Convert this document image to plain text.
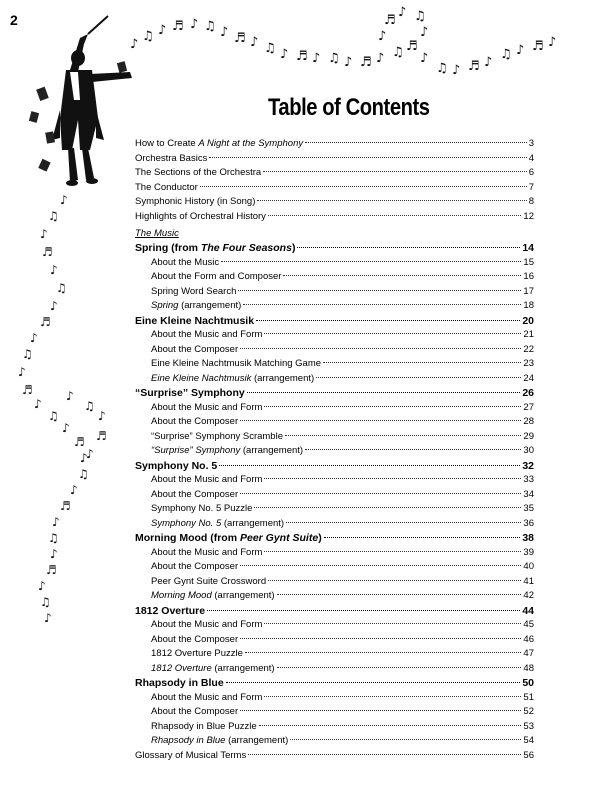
♪
♫ ♪ ♬ ♪ ♫ ♪ ♬ ♪ ♫ ♪ ♬ ♪ ♫ ♪ ♬ ♪ ♫
♪
♬
♪ ♫
♪
♬
♪
♫ ♪ ♬ ♪
♫ ♪ ♬ ♪
♪
♫
♪
♬
♪
♫
♪
♬
♪
♫
♪
♬
♪
♫
♪
♬
♪
♫
♪
♬
♪
♫
♪
♬
♪
♫
♪
♪
♫
♪
♬
♪
2
Table of Contents
How to Create A Night at the Symphony	3
Orchestra Basics	4
The Sections of the Orchestra	6
The Conductor	7
Symphonic History (in Song)	8
Highlights of Orchestral History	12
The Music
Spring (from The Four Seasons)	14
About the Music	15
About the Form and Composer	16
Spring Word Search	17
Spring (arrangement)	18
Eine Kleine Nachtmusik	20
About the Music and Form	21
About the Composer	22
Eine Kleine Nachtmusik Matching Game	23
Eine Kleine Nachtmusik (arrangement)	24
“Surprise” Symphony	26
About the Music and Form	27
About the Composer	28
“Surprise” Symphony Scramble	29
“Surprise” Symphony (arrangement)	30
Symphony No. 5	32
About the Music and Form	33
About the Composer	34
Symphony No. 5 Puzzle	35
Symphony No. 5 (arrangement)	36
Morning Mood (from Peer Gynt Suite)	38
About the Music and Form	39
About the Composer	40
Peer Gynt Suite Crossword	41
Morning Mood (arrangement)	42
1812 Overture	44
About the Music and Form	45
About the Composer	46
1812 Overture Puzzle	47
1812 Overture (arrangement)	48
Rhapsody in Blue	50
About the Music and Form	51
About the Composer	52
Rhapsody in Blue Puzzle	53
Rhapsody in Blue (arrangement)	54
Glossary of Musical Terms	56
